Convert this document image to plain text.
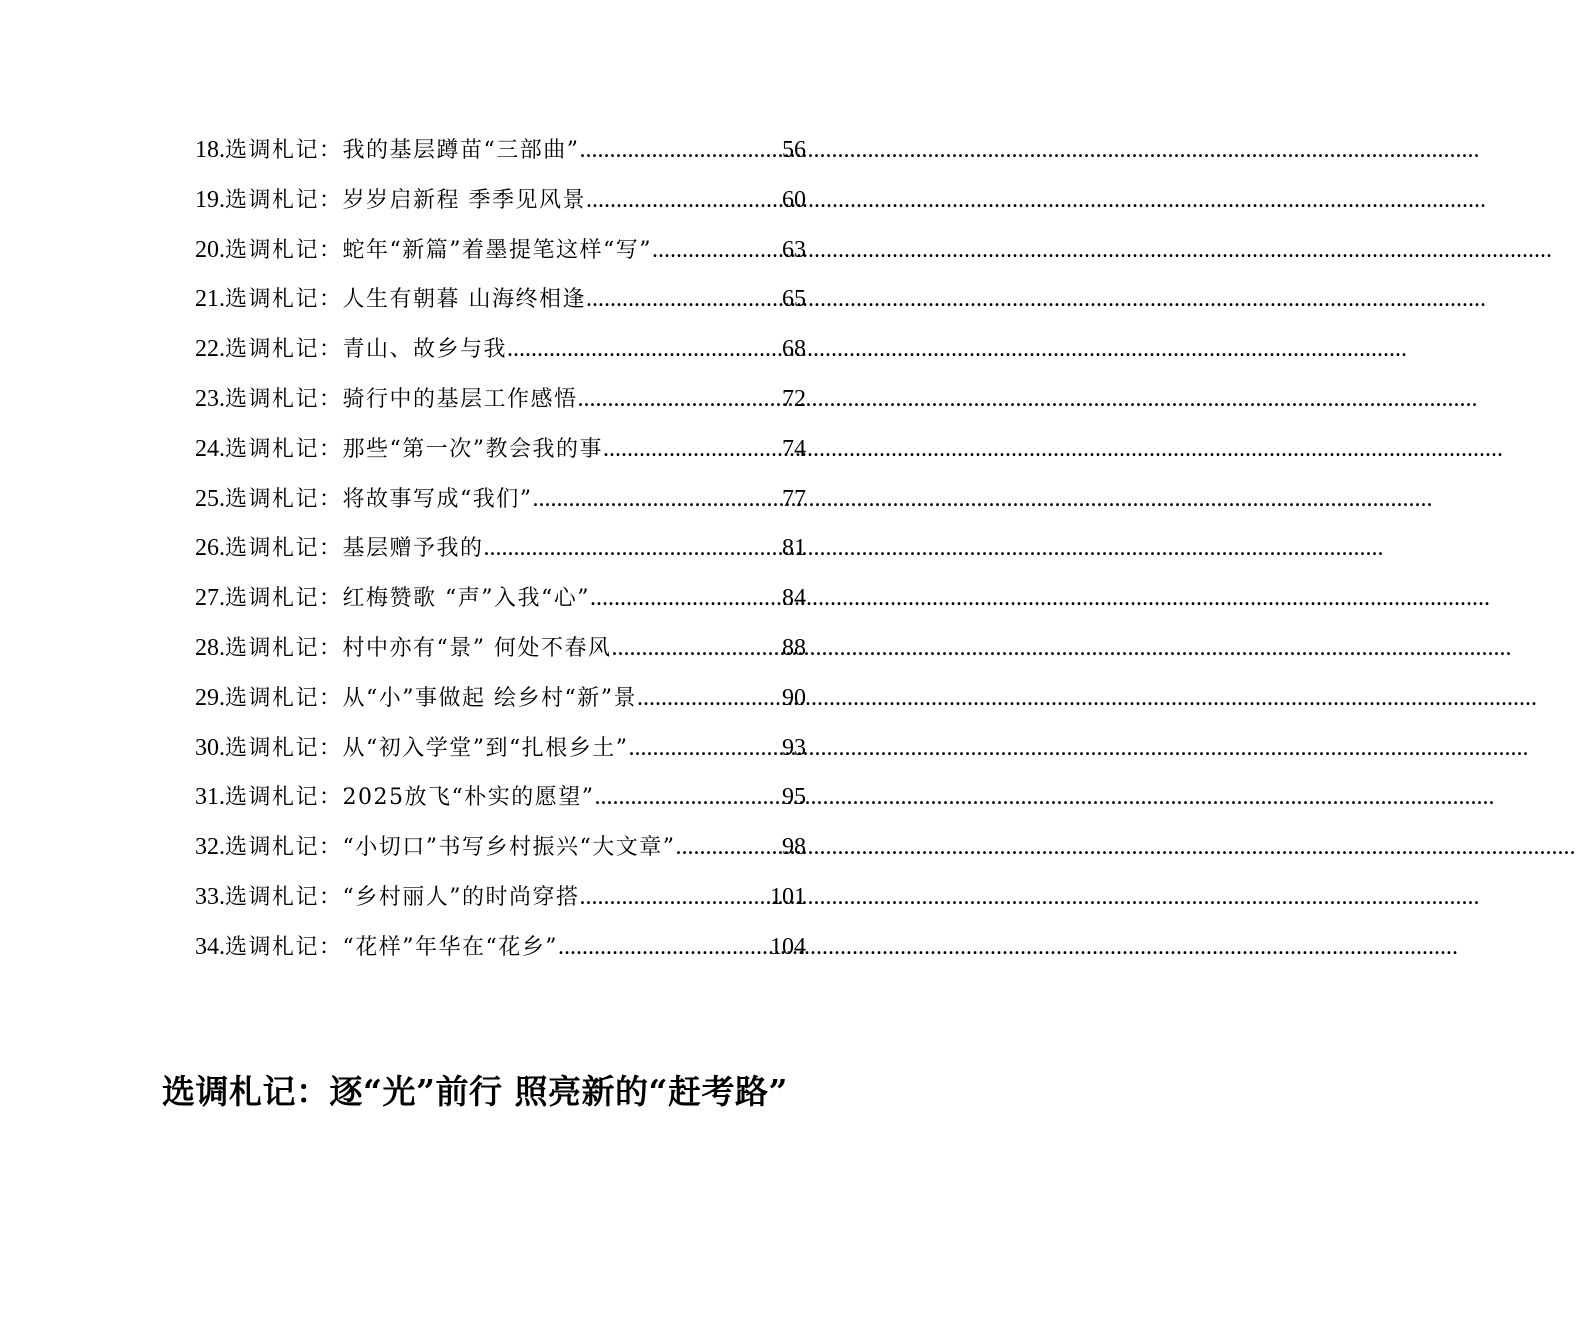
18. 选调札记：我的基层蹲苗“三部曲” .....	56
19. 选调札记：岁岁启新程 季季见风景 .....	60
20. 选调札记：蛇年“新篇”着墨提笔这样“写” .....	63
21. 选调札记：人生有朝暮 山海终相逢 .....	65
22. 选调札记：青山、故乡与我 .....	68
23. 选调札记：骑行中的基层工作感悟 .....	72
24. 选调札记：那些“第一次”教会我的事 .....	74
25. 选调札记：将故事写成“我们” .....	77
26. 选调札记：基层赠予我的 .....	81
27. 选调札记：红梅赞歌 “声”入我“心” .....	84
28. 选调札记：村中亦有“景” 何处不春风 .....	88
29. 选调札记：从“小”事做起 绘乡村“新”景 .....	90
30. 选调札记：从“初入学堂”到“扎根乡土” .....	93
31. 选调札记：2025放飞“朴实的愿望” .....	95
32. 选调札记：“小切口”书写乡村振兴“大文章” .....	98
33. 选调札记：“乡村丽人”的时尚穿搭 .....	101
34. 选调札记：“花样”年华在“花乡” .....	104
选调札记：逐“光”前行 照亮新的“赶考路”
